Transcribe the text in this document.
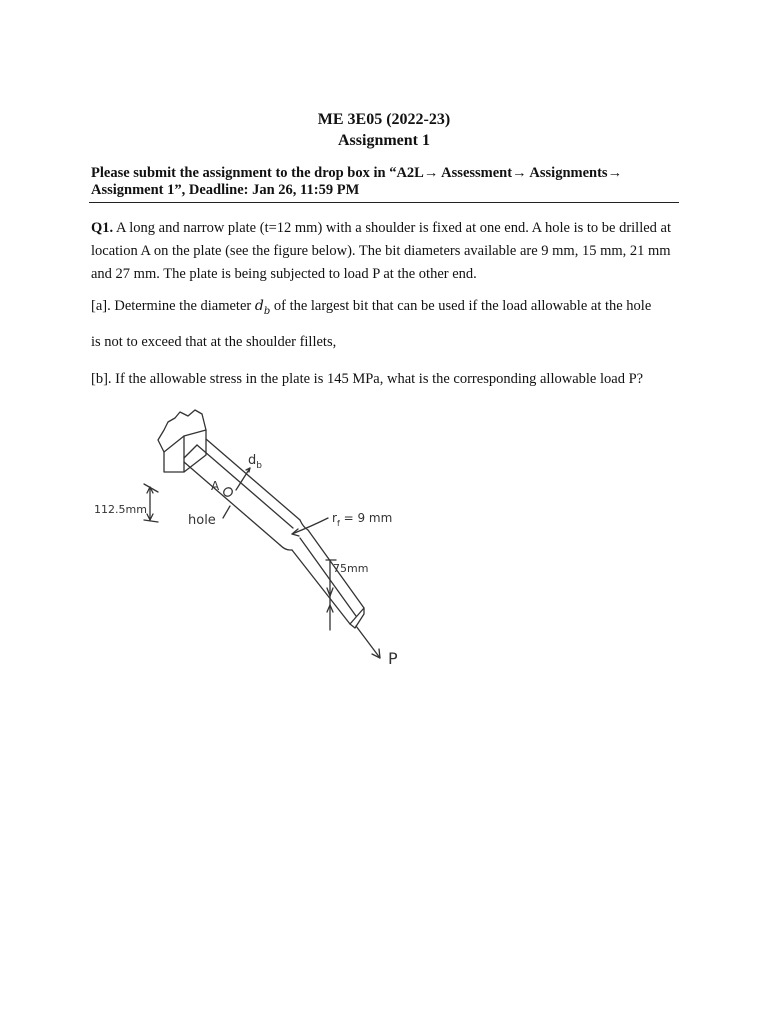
ME 3E05 (2022-23)
Assignment 1
Please submit the assignment to the drop box in “A2L→ Assessment→ Assignments→
Assignment 1”, Deadline: Jan 26, 11:59 PM
Q1. A long and narrow plate (t=12 mm) with a shoulder is fixed at one end. A hole is to be drilled at location A on the plate (see the figure below). The bit diameters available are 9 mm, 15 mm, 21 mm and 27 mm. The plate is being subjected to load P at the other end.
[a]. Determine the diameter $d_b$ of the largest bit that can be used if the load allowable at the hole
is not to exceed that at the shoulder fillets,
[b]. If the allowable stress in the plate is 145 MPa, what is the corresponding allowable load P?
$d_b$
A
112.5mm
hole	$r_f = 9$ mm
75mm
P
